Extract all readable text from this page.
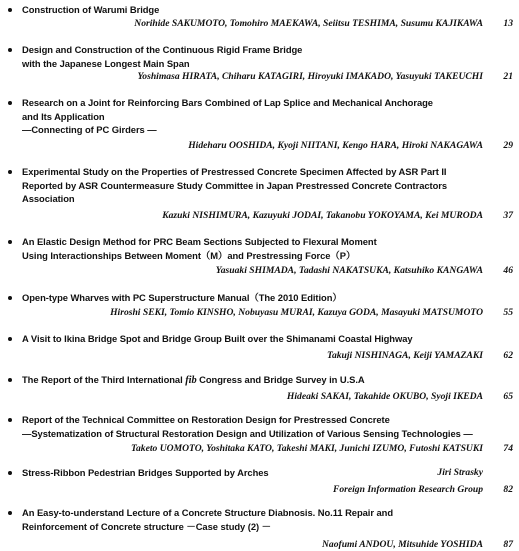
Construction of Warumi Bridge
Norihide SAKUMOTO, Tomohiro MAEKAWA, Seiitsu TESHIMA, Susumu KAJIKAWA	13
Design and Construction of the Continuous Rigid Frame Bridge
with the Japanese Longest Main Span
Yoshimasa HIRATA, Chiharu KATAGIRI, Hiroyuki IMAKADO, Yasuyuki TAKEUCHI	21
Research on a Joint for Reinforcing Bars Combined of Lap Splice and Mechanical Anchorage
and Its Application
—Connecting of PC Girders —
Hideharu OOSHIDA, Kyoji NIITANI, Kengo HARA, Hiroki NAKAGAWA	29
Experimental Study on the Properties of Prestressed Concrete Specimen Affected by ASR Part II
Reported by ASR Countermeasure Study Committee in Japan Prestressed Concrete Contractors
Association
Kazuki NISHIMURA, Kazuyuki JODAI, Takanobu YOKOYAMA, Kei MURODA	37
An Elastic Design Method for PRC Beam Sections Subjected to Flexural Moment
Using Interactionships Between Moment（M）and Prestressing Force（P）
Yasuaki SHIMADA, Tadashi NAKATSUKA, Katsuhiko KANGAWA	46
Open-type Wharves with PC Superstructure Manual（The 2010 Edition）
Hiroshi SEKI, Tomio KINSHO, Nobuyasu MURAI, Kazuya GODA, Masayuki MATSUMOTO	55
A Visit to Ikina Bridge Spot and Bridge Group Built over the Shimanami Coastal Highway
Takuji NISHINAGA, Keiji YAMAZAKI	62
The Report of the Third International fib Congress and Bridge Survey in U.S.A
Hideaki SAKAI, Takahide OKUBO, Syoji IKEDA	65
Report of the Technical Committee on Restoration Design for Prestressed Concrete
—Systematization of Structural Restoration Design and Utilization of Various Sensing Technologies —
Taketo UOMOTO, Yoshitaka KATO, Takeshi MAKI, Junichi IZUMO, Futoshi KATSUKI	74
Stress-Ribbon Pedestrian Bridges Supported by Arches	Jiri Strasky
Foreign Information Research Group	82
An Easy-to-understand Lecture of a Concrete Structure Diabnosis. No.11 Repair and
Reinforcement of Concrete structure －Case study (2) －
Naofumi ANDOU, Mitsuhide YOSHIDA	87
